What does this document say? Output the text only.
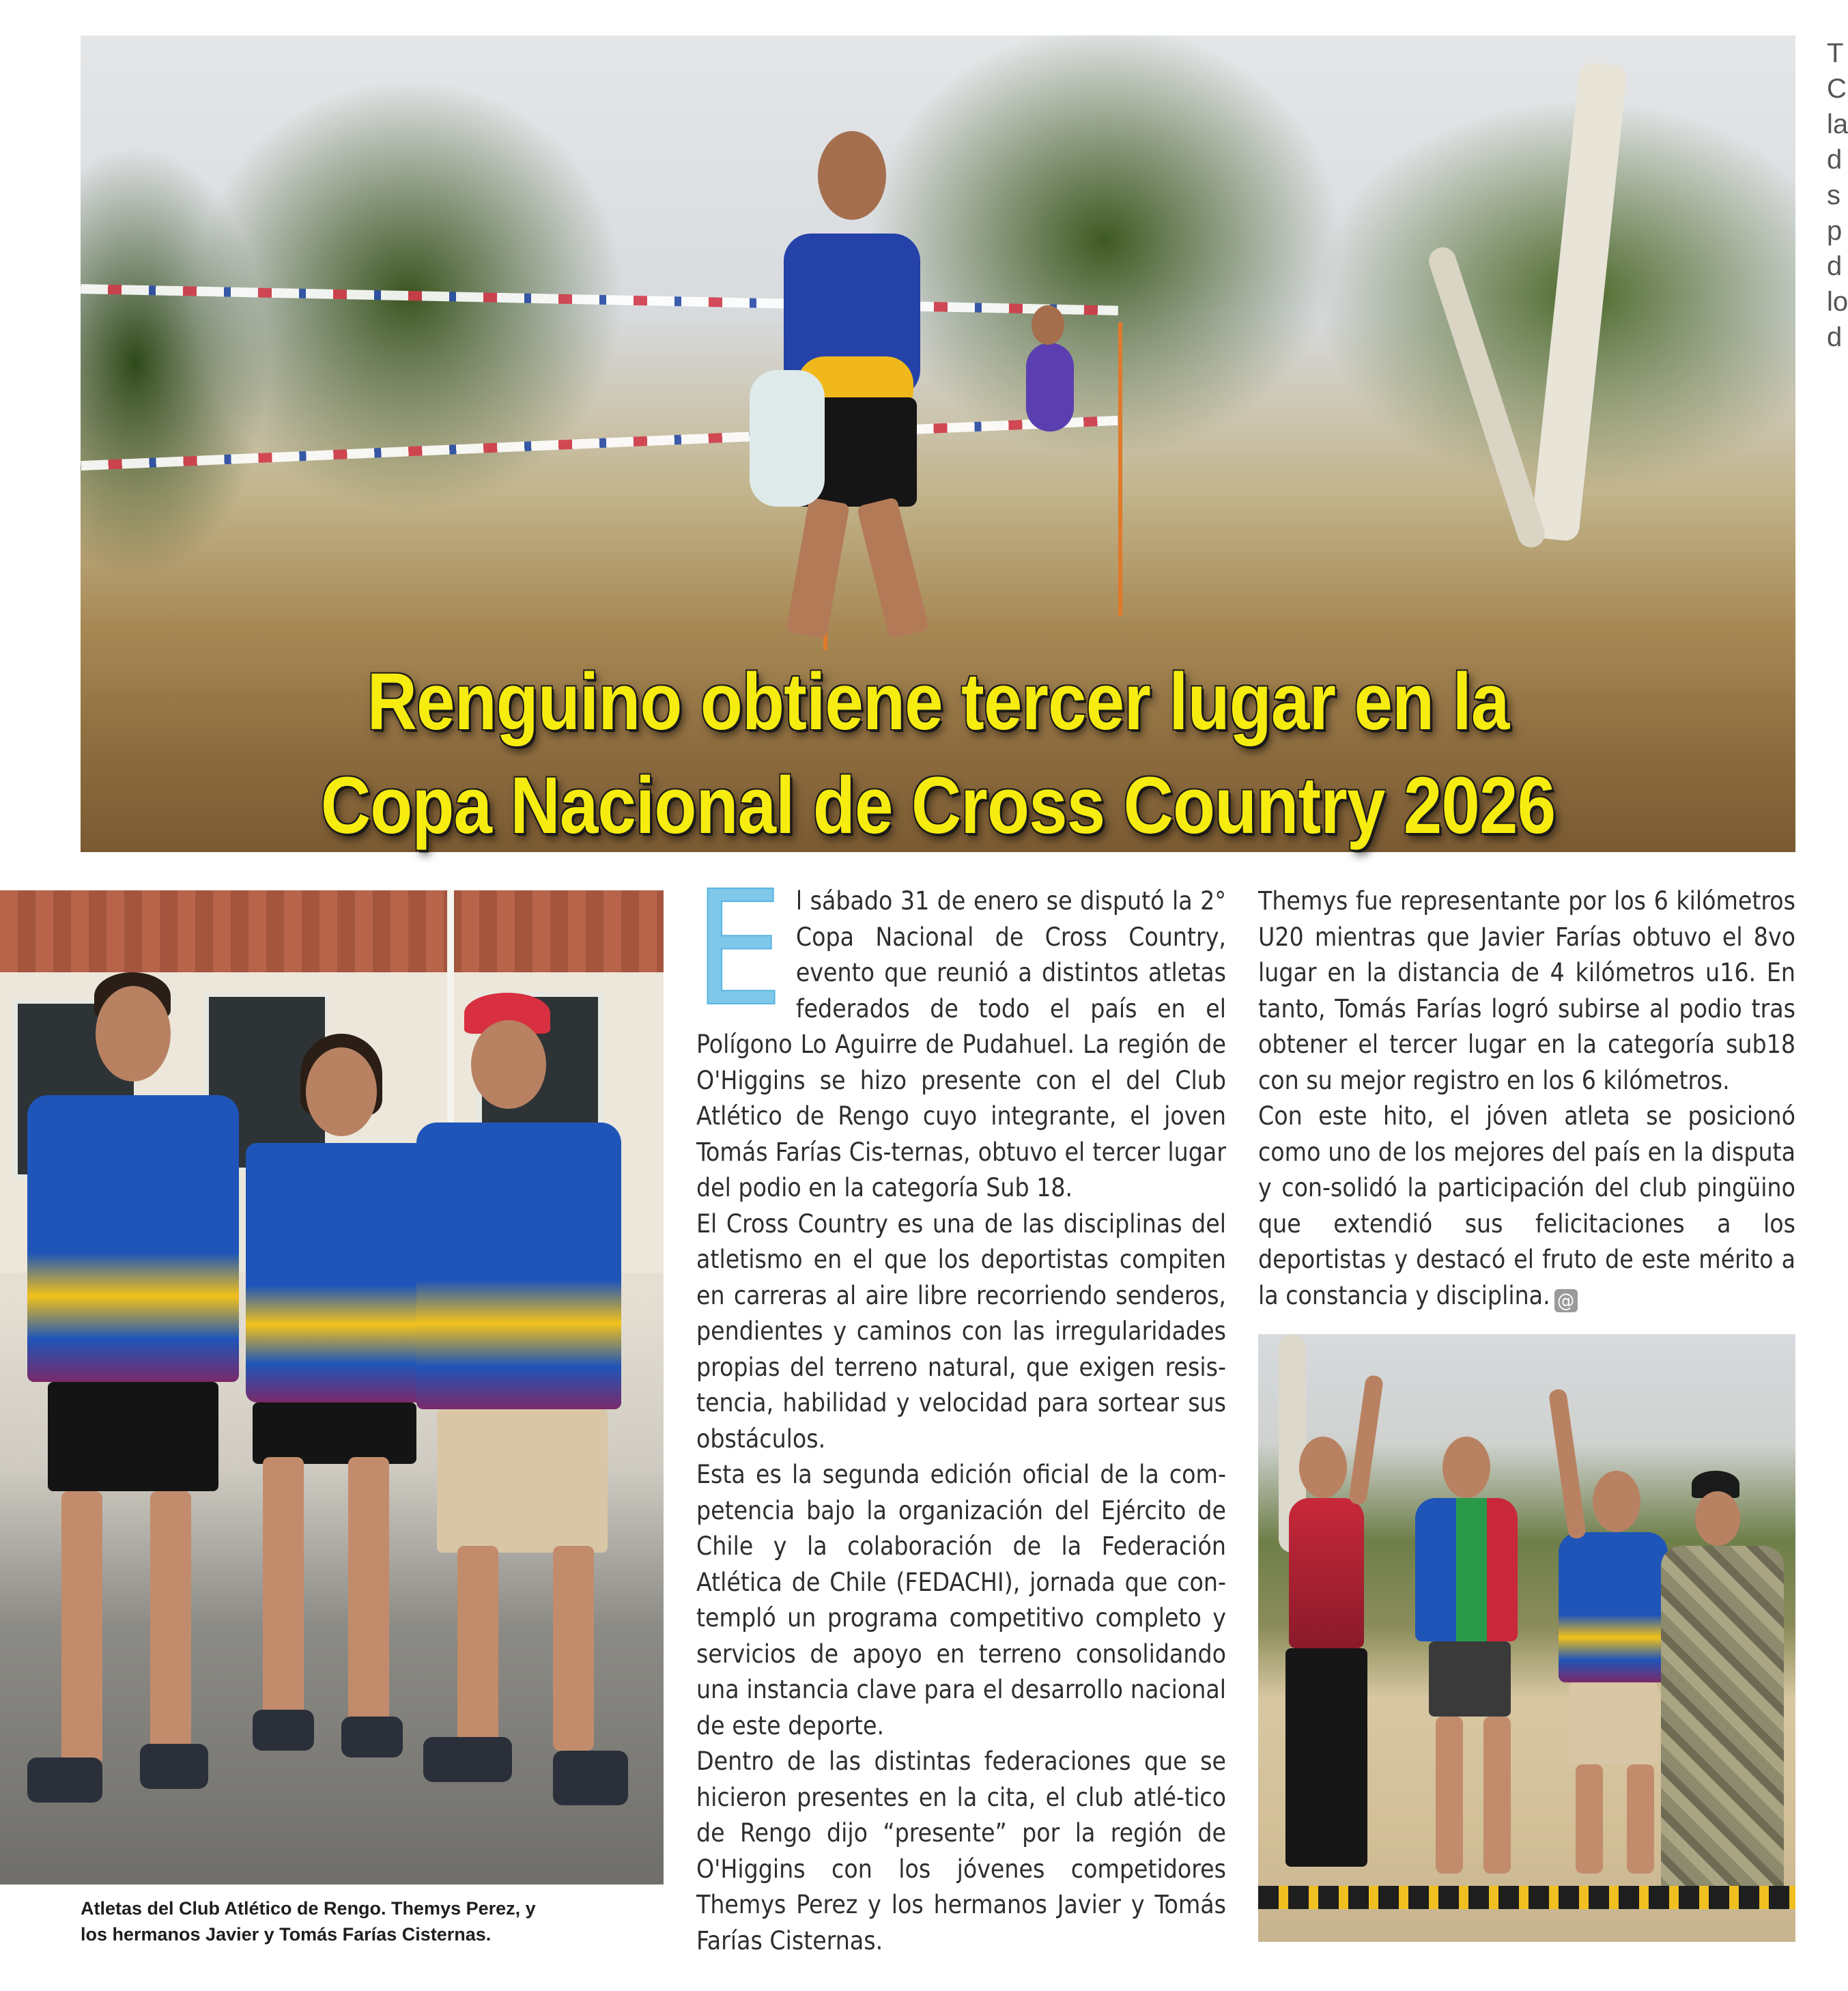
Renguino obtiene tercer lugar en la
Copa Nacional de Cross Country 2026
T
C
la
d
s
p
d
lo
d

Atletas del Club Atlético de Rengo. Themys Perez, y
los hermanos Javier y Tomás Farías Cisternas.

El sábado 31 de enero se disputó la 2° Copa Nacional de Cross Country, evento que reunió a distintos atletas federados de todo el país en el Polígono Lo Aguirre de Pudahuel. La región de O'Higgins se hizo presente con el del Club Atlético de Rengo cuyo integrante, el joven Tomás Farías Cis-ternas, obtuvo el tercer lugar del podio en la categoría Sub 18.

El Cross Country es una de las disciplinas del atletismo en el que los deportistas compiten en carreras al aire libre recorriendo senderos, pendientes y caminos con las irregularidades propias del terreno natural, que exigen resis-tencia, habilidad y velocidad para sortear sus obstáculos.

Esta es la segunda edición oficial de la com-petencia bajo la organización del Ejército de Chile y la colaboración de la Federación Atlética de Chile (FEDACHI), jornada que con-templó un programa competitivo completo y servicios de apoyo en terreno consolidando una instancia clave para el desarrollo nacional de este deporte.

Dentro de las distintas federaciones que se hicieron presentes en la cita, el club atlé-tico de Rengo dijo “presente” por la región de O'Higgins con los jóvenes competidores Themys Perez y los hermanos Javier y Tomás Farías Cisternas.

Themys fue representante por los 6 kilómetros U20 mientras que Javier Farías obtuvo el 8vo lugar en la distancia de 4 kilómetros u16. En tanto, Tomás Farías logró subirse al podio tras obtener el tercer lugar en la categoría sub18 con su mejor registro en los 6 kilómetros.

Con este hito, el jóven atleta se posicionó como uno de los mejores del país en la disputa y con-solidó la participación del club pingüino que extendió sus felicitaciones a los deportistas y destacó el fruto de este mérito a la constancia y disciplina. @
